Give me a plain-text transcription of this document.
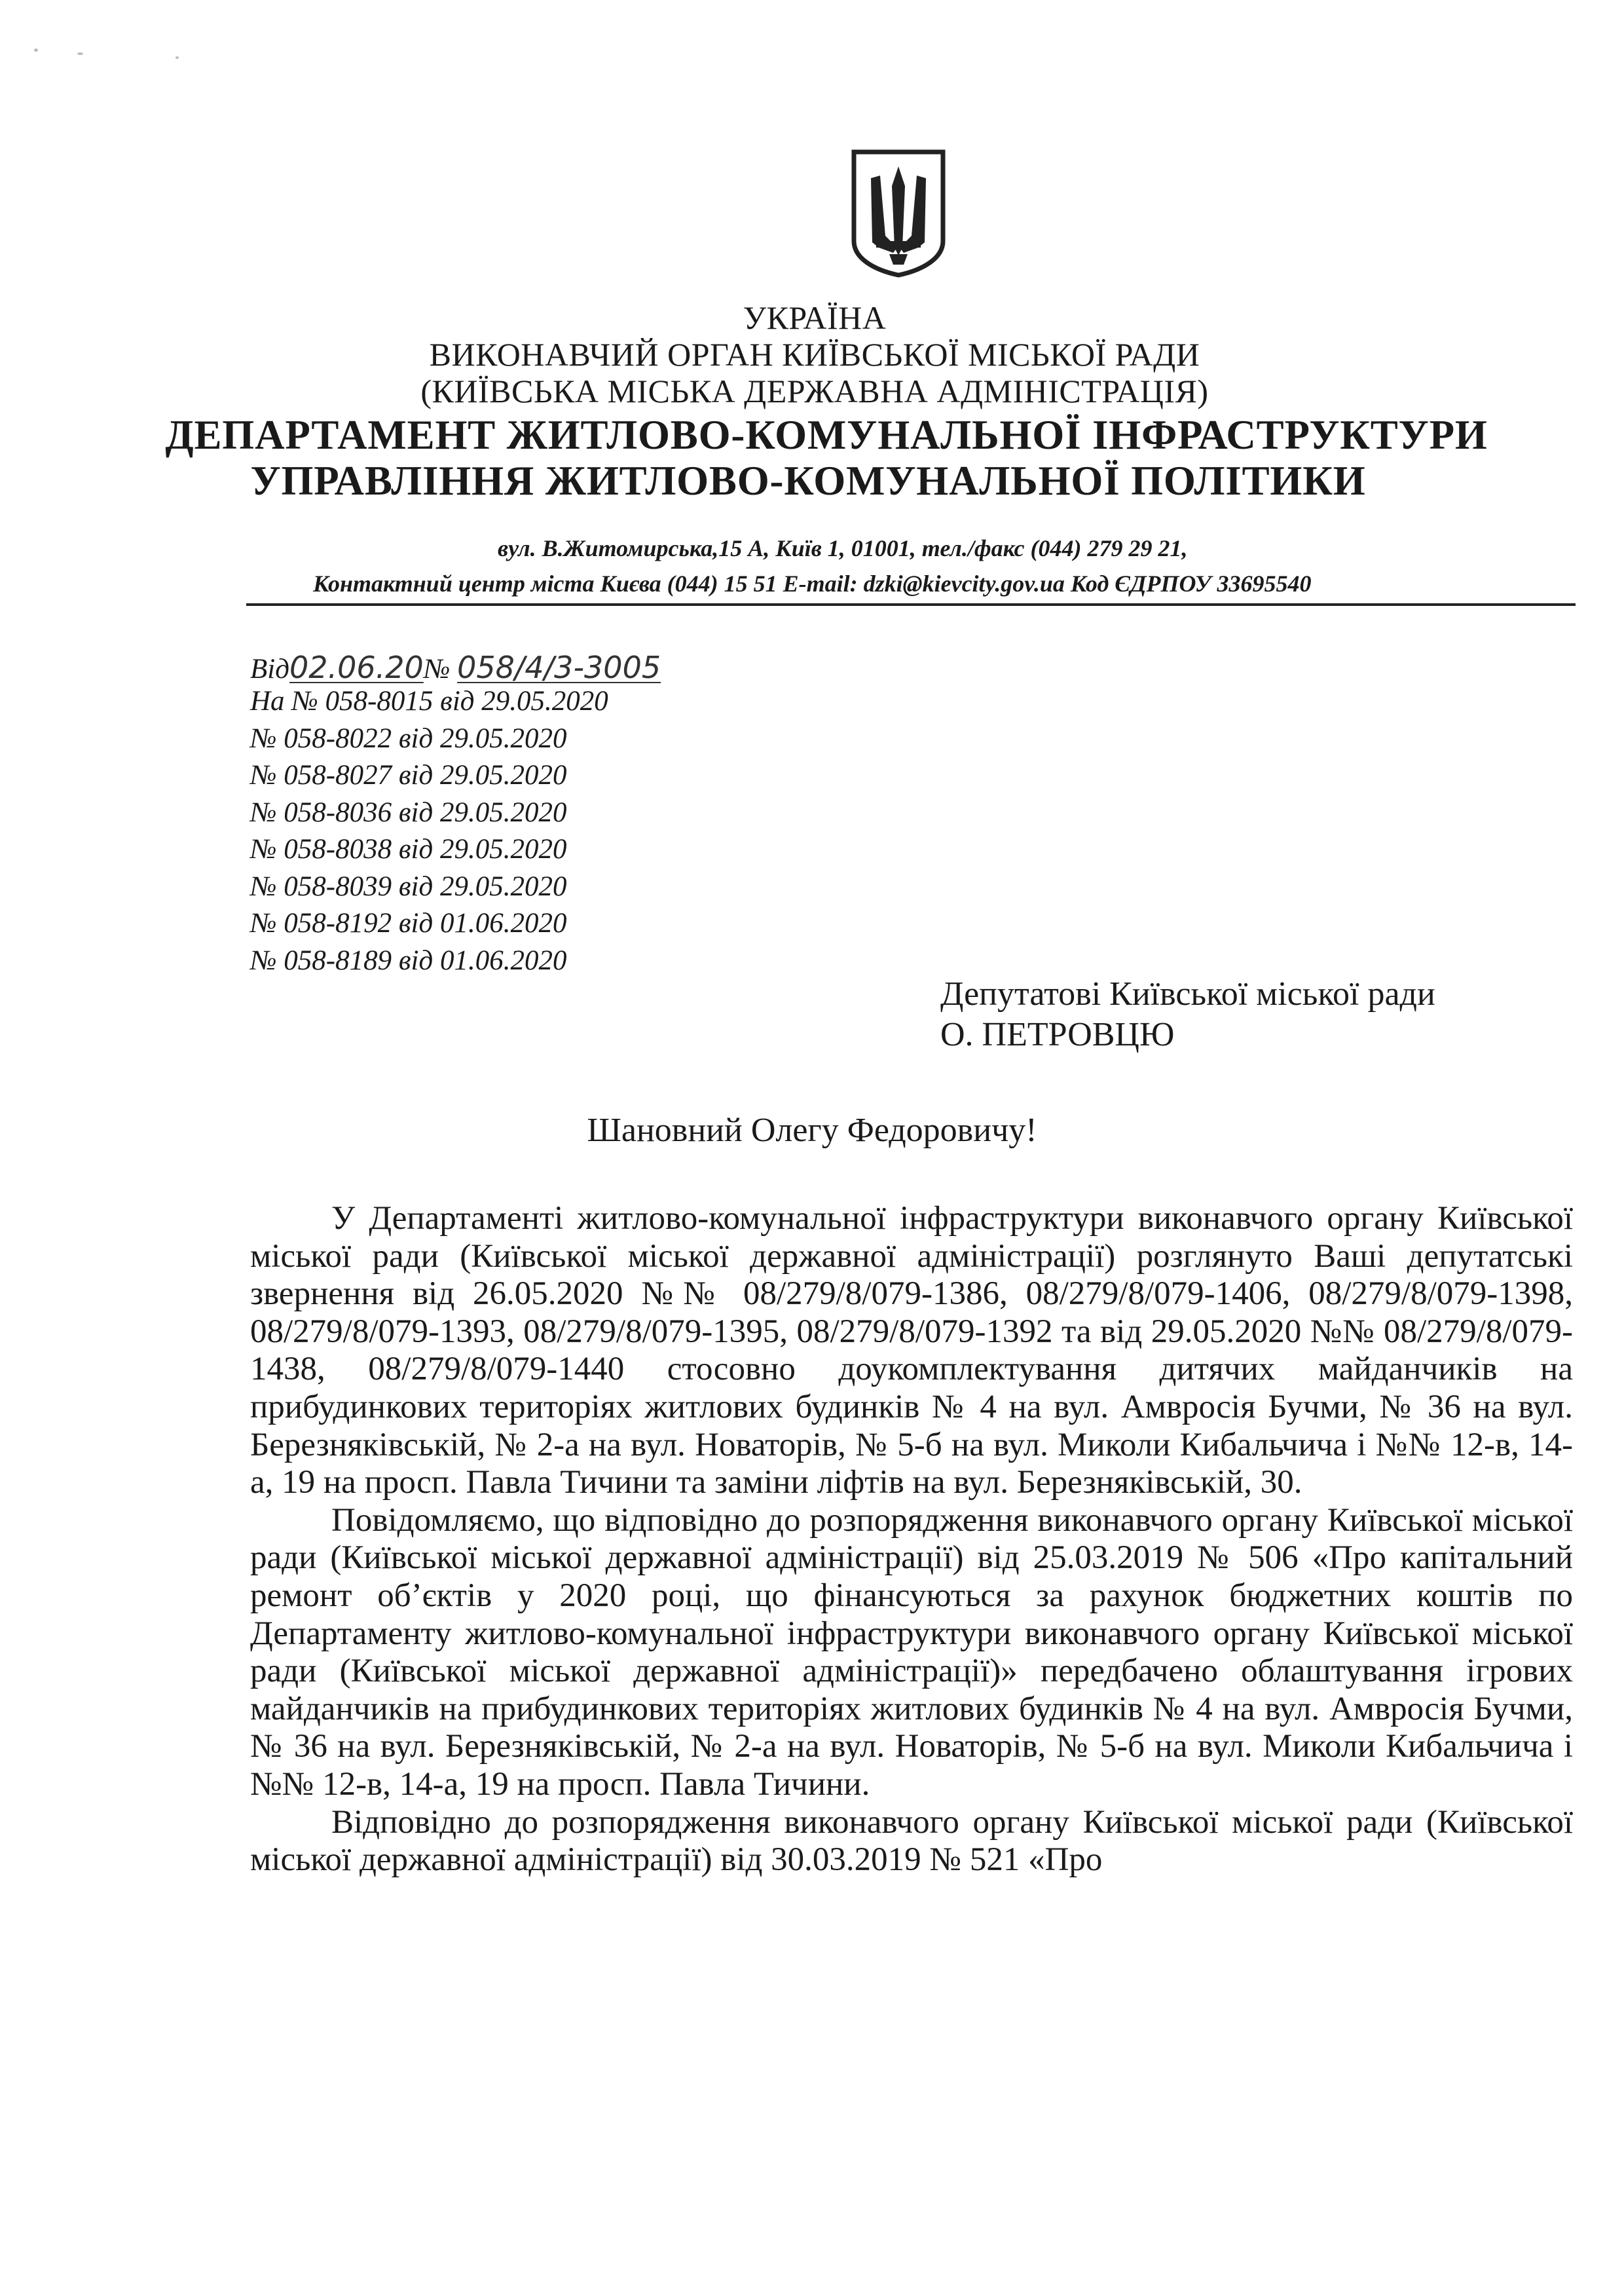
УКРАЇНА
ВИКОНАВЧИЙ ОРГАН КИЇВСЬКОЇ МІСЬКОЇ РАДИ
(КИЇВСЬКА МІСЬКА ДЕРЖАВНА АДМІНІСТРАЦІЯ)
ДЕПАРТАМЕНТ ЖИТЛОВО-КОМУНАЛЬНОЇ ІНФРАСТРУКТУРИ
УПРАВЛІННЯ ЖИТЛОВО-КОМУНАЛЬНОЇ ПОЛІТИКИ
вул. В.Житомирська,15 А, Київ 1, 01001, тел./факс (044) 279 29 21,
Контактний центр міста Києва (044) 15 51 E-mail: dzki@kievcity.gov.ua Код ЄДРПОУ 33695540
Від02.06.20№ 058/4/3-3005
На № 058-8015 від 29.05.2020
№ 058-8022 від 29.05.2020
№ 058-8027 від 29.05.2020
№ 058-8036 від 29.05.2020
№ 058-8038 від 29.05.2020
№ 058-8039 від 29.05.2020
№ 058-8192 від 01.06.2020
№ 058-8189 від 01.06.2020
Депутатові Київської міської ради
О. ПЕТРОВЦЮ
Шановний Олегу Федоровичу!

У Департаменті житлово-комунальної інфраструктури виконавчого органу Київської міської ради (Київської міської державної адміністрації) розглянуто Ваші депутатські звернення від 26.05.2020 №№ 08/279/8/079-1386, 08/279/8/079-1406, 08/279/8/079-1398, 08/279/8/079-1393, 08/279/8/079-1395, 08/279/8/079-1392 та від 29.05.2020 №№ 08/279/8/079-1438, 08/279/8/079-1440 стосовно доукомплектування дитячих майданчиків на прибудинкових територіях житлових будинків № 4 на вул. Амвросія Бучми, № 36 на вул. Березняківській, № 2-а на вул. Новаторів, № 5-б на вул. Миколи Кибальчича і №№ 12-в, 14-а, 19 на просп. Павла Тичини та заміни ліфтів на вул. Березняківській, 30.

Повідомляємо, що відповідно до розпорядження виконавчого органу Київської міської ради (Київської міської державної адміністрації) від 25.03.2019 № 506 «Про капітальний ремонт об’єктів у 2020 році, що фінансуються за рахунок бюджетних коштів по Департаменту житлово-комунальної інфраструктури виконавчого органу Київської міської ради (Київської міської державної адміністрації)» передбачено облаштування ігрових майданчиків на прибудинкових територіях житлових будинків № 4 на вул. Амвросія Бучми, № 36 на вул. Березняківській, № 2-а на вул. Новаторів, № 5-б на вул. Миколи Кибальчича і №№ 12-в, 14-а, 19 на просп. Павла Тичини.

Відповідно до розпорядження виконавчого органу Київської міської ради (Київської міської державної адміністрації) від 30.03.2019 № 521 «Про
